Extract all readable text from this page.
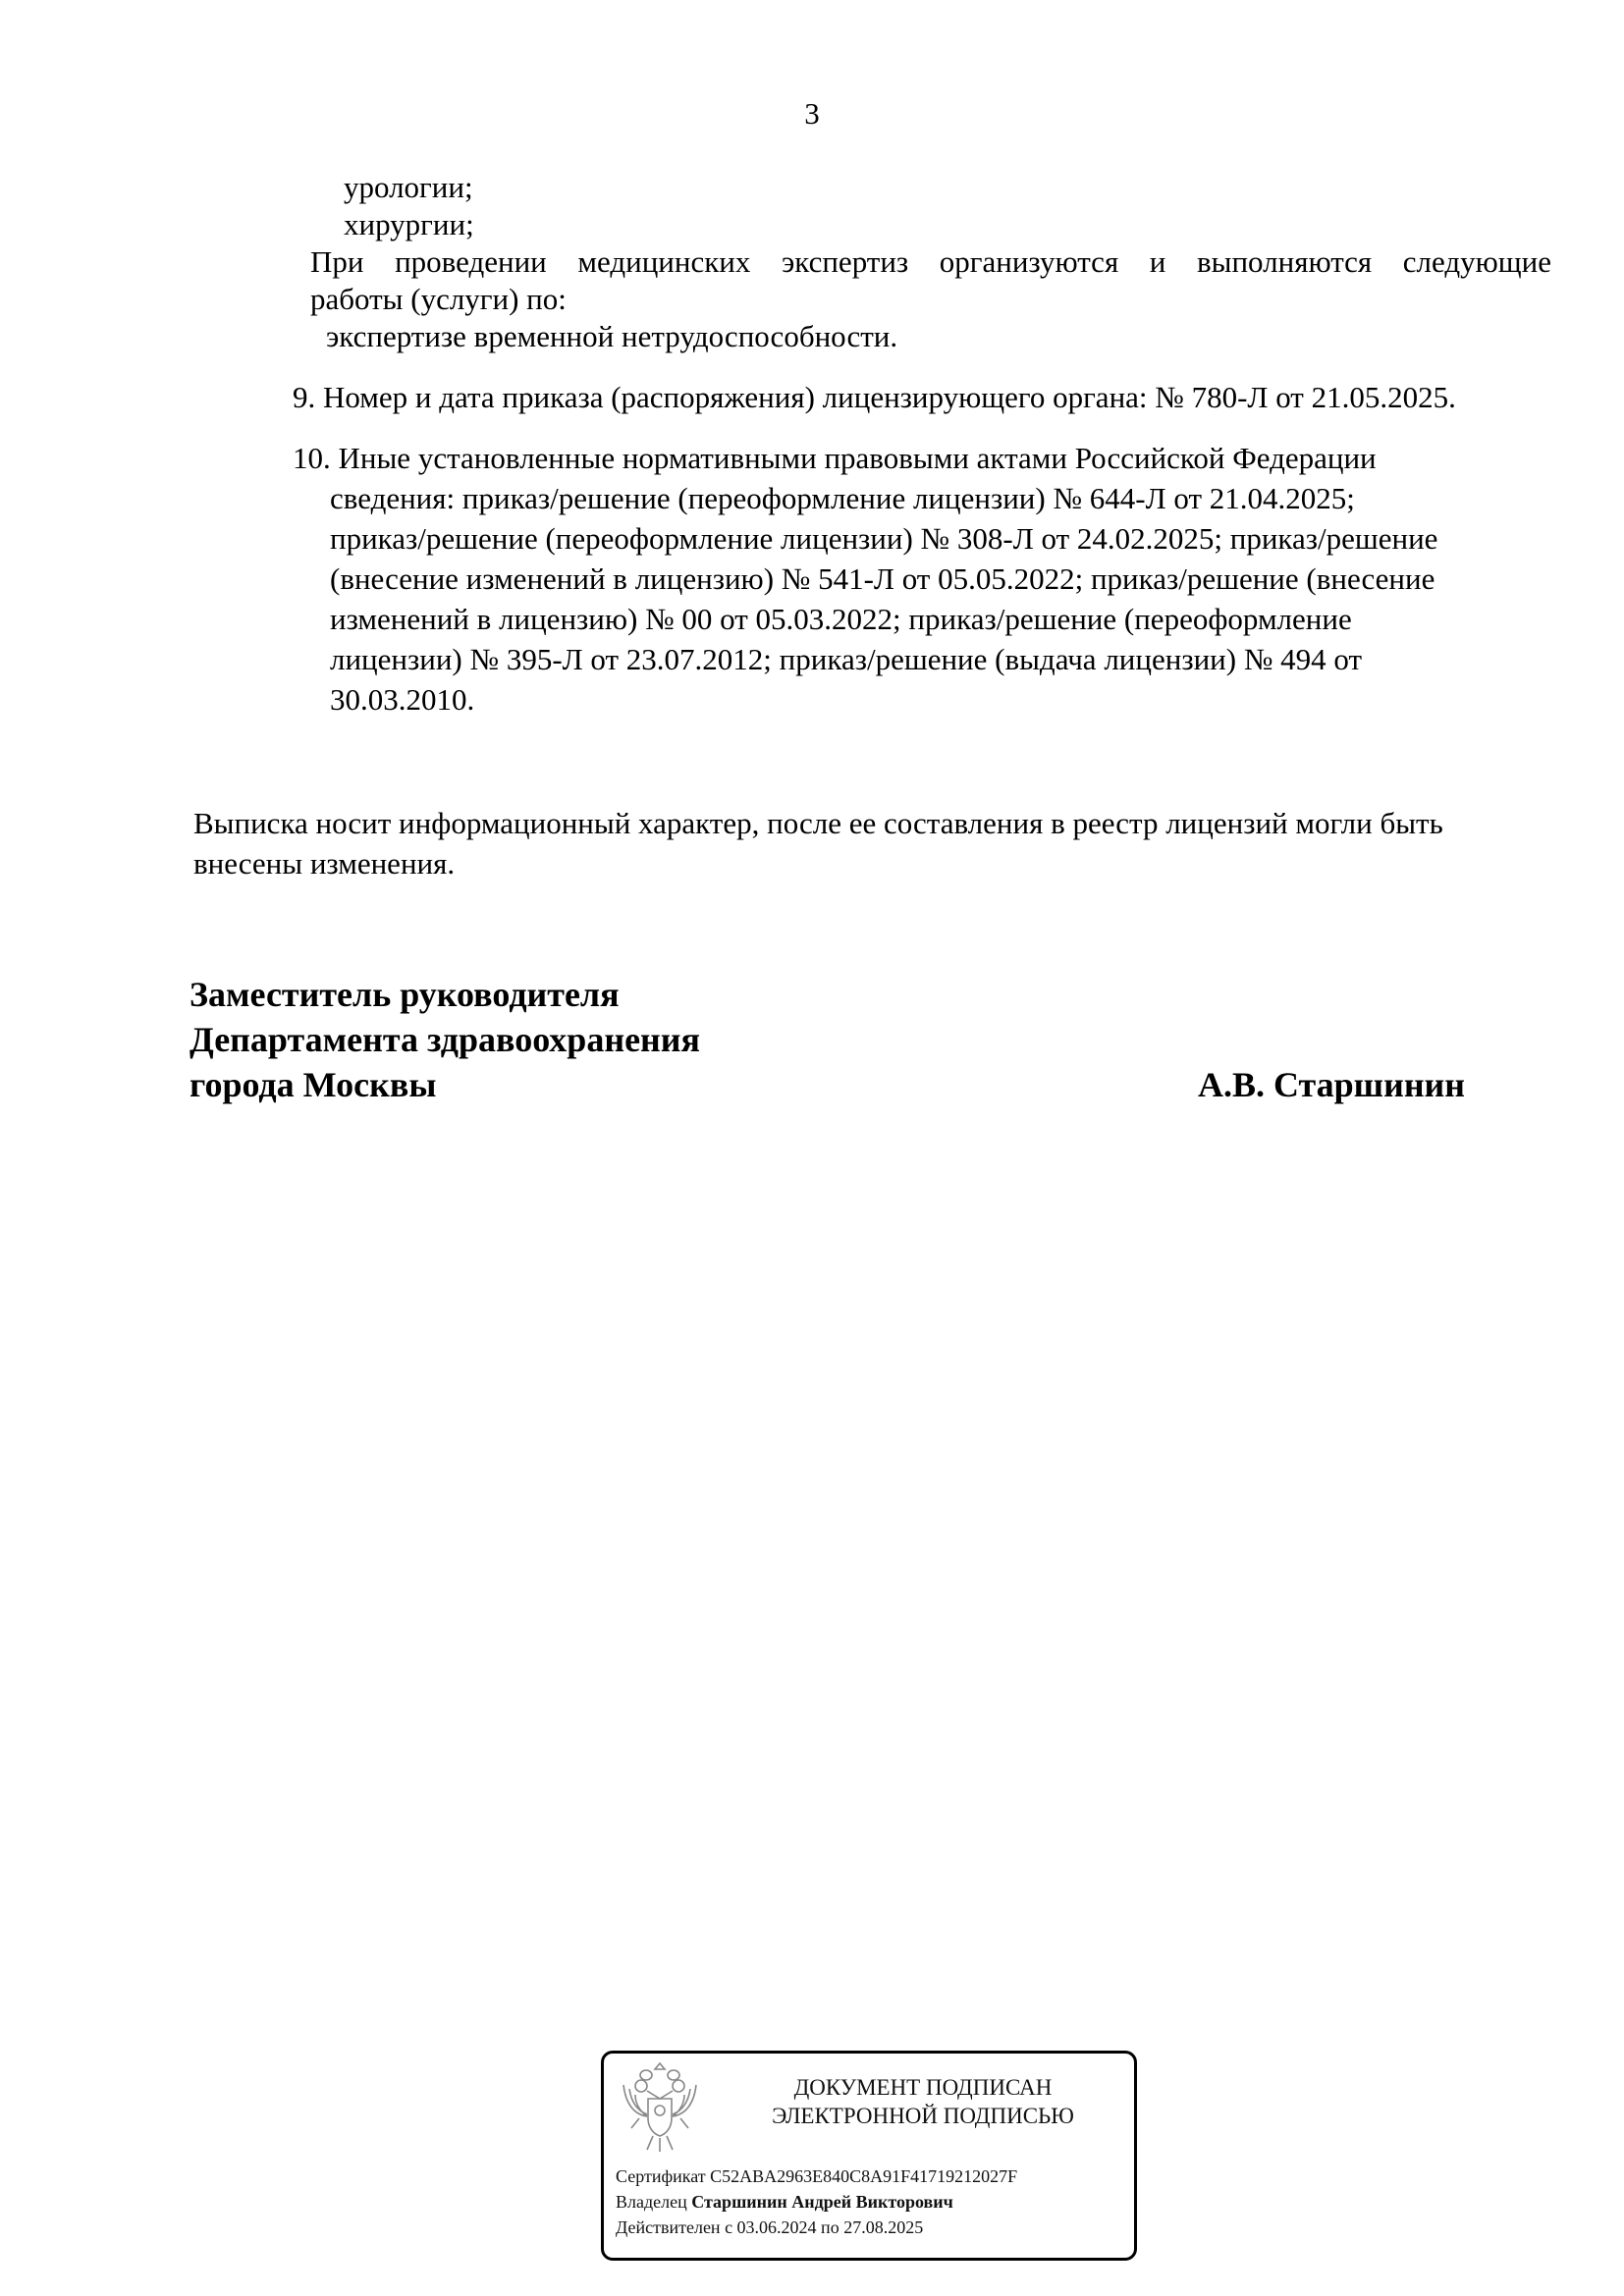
3
урологии;
хирургии;
При проведении медицинских экспертиз организуются и выполняются следующие
работы (услуги) по:
экспертизе временной нетрудоспособности.
9. Номер и дата приказа (распоряжения) лицензирующего органа: № 780-Л от 21.05.2025.
10. Иные установленные нормативными правовыми актами Российской Федерации
сведения: приказ/решение (переоформление лицензии) № 644-Л от 21.04.2025;
приказ/решение (переоформление лицензии) № 308-Л от 24.02.2025; приказ/решение
(внесение изменений в лицензию) № 541-Л от 05.05.2022; приказ/решение (внесение
изменений в лицензию) № 00 от 05.03.2022; приказ/решение (переоформление
лицензии) № 395-Л от 23.07.2012; приказ/решение (выдача лицензии) № 494 от
30.03.2010.
Выписка носит информационный характер, после ее составления в реестр лицензий могли быть
внесены изменения.
Заместитель руководителя
Департамента здравоохранения
города Москвы	А.В. Старшинин
ДОКУМЕНТ ПОДПИСАН
ЭЛЕКТРОННОЙ ПОДПИСЬЮ
Сертификат C52ABA2963E840C8A91F41719212027F
Владелец Старшинин Андрей Викторович
Действителен с 03.06.2024 по 27.08.2025
